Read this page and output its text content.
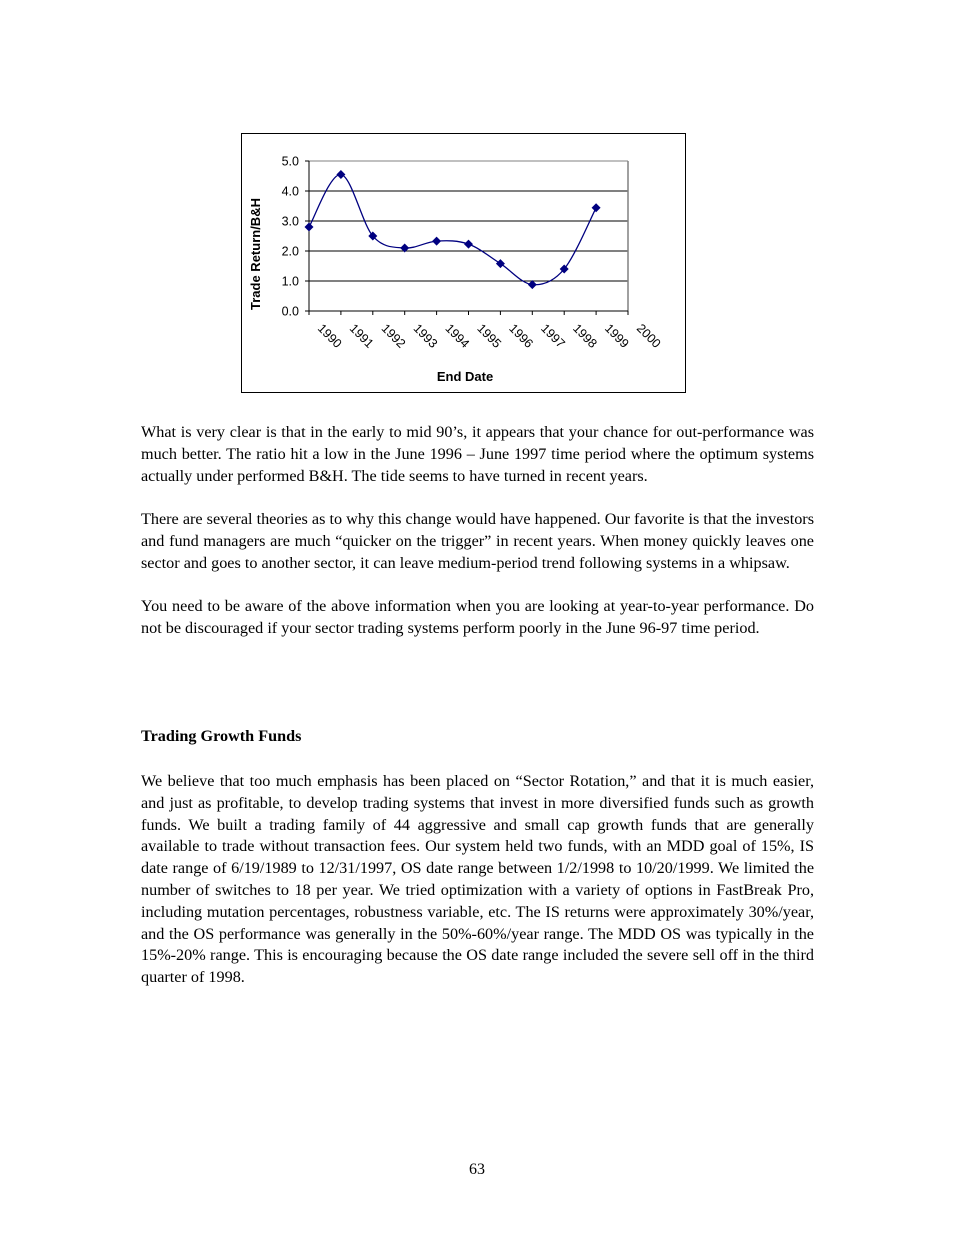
0.0
1.0
2.0
3.0
4.0
5.0
1990 1991 1992 1993 1994 1995 1996 1997 1998 1999 2000
End Date
Trade Return/B&H

What is very clear is that in the early to mid 90’s, it appears that your chance for out-performance was much better. The ratio hit a low in the June 1996 – June 1997 time period where the optimum systems actually under performed B&H. The tide seems to have turned in recent years.

There are several theories as to why this change would have happened. Our favorite is that the investors and fund managers are much “quicker on the trigger” in recent years. When money quickly leaves one sector and goes to another sector, it can leave medium-period trend following systems in a whipsaw.

You need to be aware of the above information when you are looking at year-to-year performance. Do not be discouraged if your sector trading systems perform poorly in the June 96-97 time period.

Trading Growth Funds

We believe that too much emphasis has been placed on “Sector Rotation,” and that it is much easier, and just as profitable, to develop trading systems that invest in more diversified funds such as growth funds. We built a trading family of 44 aggressive and small cap growth funds that are generally available to trade without transaction fees. Our system held two funds, with an MDD goal of 15%, IS date range of 6/19/1989 to 12/31/1997, OS date range between 1/2/1998 to 10/20/1999. We limited the number of switches to 18 per year. We tried optimization with a variety of options in FastBreak Pro, including mutation percentages, robustness variable, etc. The IS returns were approximately 30%/year, and the OS performance was generally in the 50%-60%/year range. The MDD OS was typically in the 15%-20% range. This is encouraging because the OS date range included the severe sell off in the third quarter of 1998.

63
